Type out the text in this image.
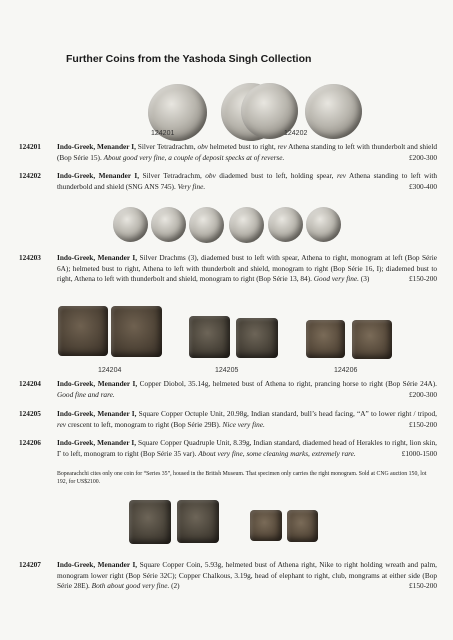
Further Coins from the Yashoda Singh Collection
124201	124202
124201 Indo-Greek, Menander I, Silver Tetradrachm, obv helmeted bust to right, rev Athena standing to left with thunderbolt and shield (Bop Série 15). About good very fine, a couple of deposit specks at of reverse.	£200-300
124202 Indo-Greek, Menander I, Silver Tetradrachm, obv diademed bust to left, holding spear, rev Athena standing to left with thunderbold and shield (SNG ANS 745). Very fine.	£300-400
124203 Indo-Greek, Menander I, Silver Drachms (3), diademed bust to left with spear, Athena to right, monogram at left (Bop Série 6A); helmeted bust to right, Athena to left with thunderbolt and shield, monogram to right (Bop Série 16, I); diademed bust to right, Athena to left with thunderbolt and shield, monogram to right (Bop Série 13, 84). Good very fine. (3)	£150-200
124204	124205	124206
124204 Indo-Greek, Menander I, Copper Diobol, 35.14g, helmeted bust of Athena to right, prancing horse to right (Bop Série 24A). Good fine and rare.	£200-300
124205 Indo-Greek, Menander I, Square Copper Octuple Unit, 20.98g, Indian standard, bull’s head facing, “A” to lower right / tripod, rev crescent to left, monogram to right (Bop Série 29B). Nice very fine.	£150-200
124206 Indo-Greek, Menander I, Square Copper Quadruple Unit, 8.39g, Indian standard, diademed head of Herakles to right, lion skin, Γ to left, monogram to right (Bop Série 35 var). About very fine, some cleaning marks, extremely rare.	£1000-1500
Bopearachchi cites only one coin for “Series 35”, housed in the British Museum. That specimen only carries the right monogram. Sold at CNG auction 150, lot 192, for US$2100.
124207 Indo-Greek, Menander I, Square Copper Coin, 5.93g, helmeted bust of Athena right, Nike to right holding wreath and palm, monogram lower right (Bop Série 32C); Copper Chalkous, 3.19g, head of elephant to right, club, mongrams at either side (Bop Série 28E). Both about good very fine. (2)	£150-200
